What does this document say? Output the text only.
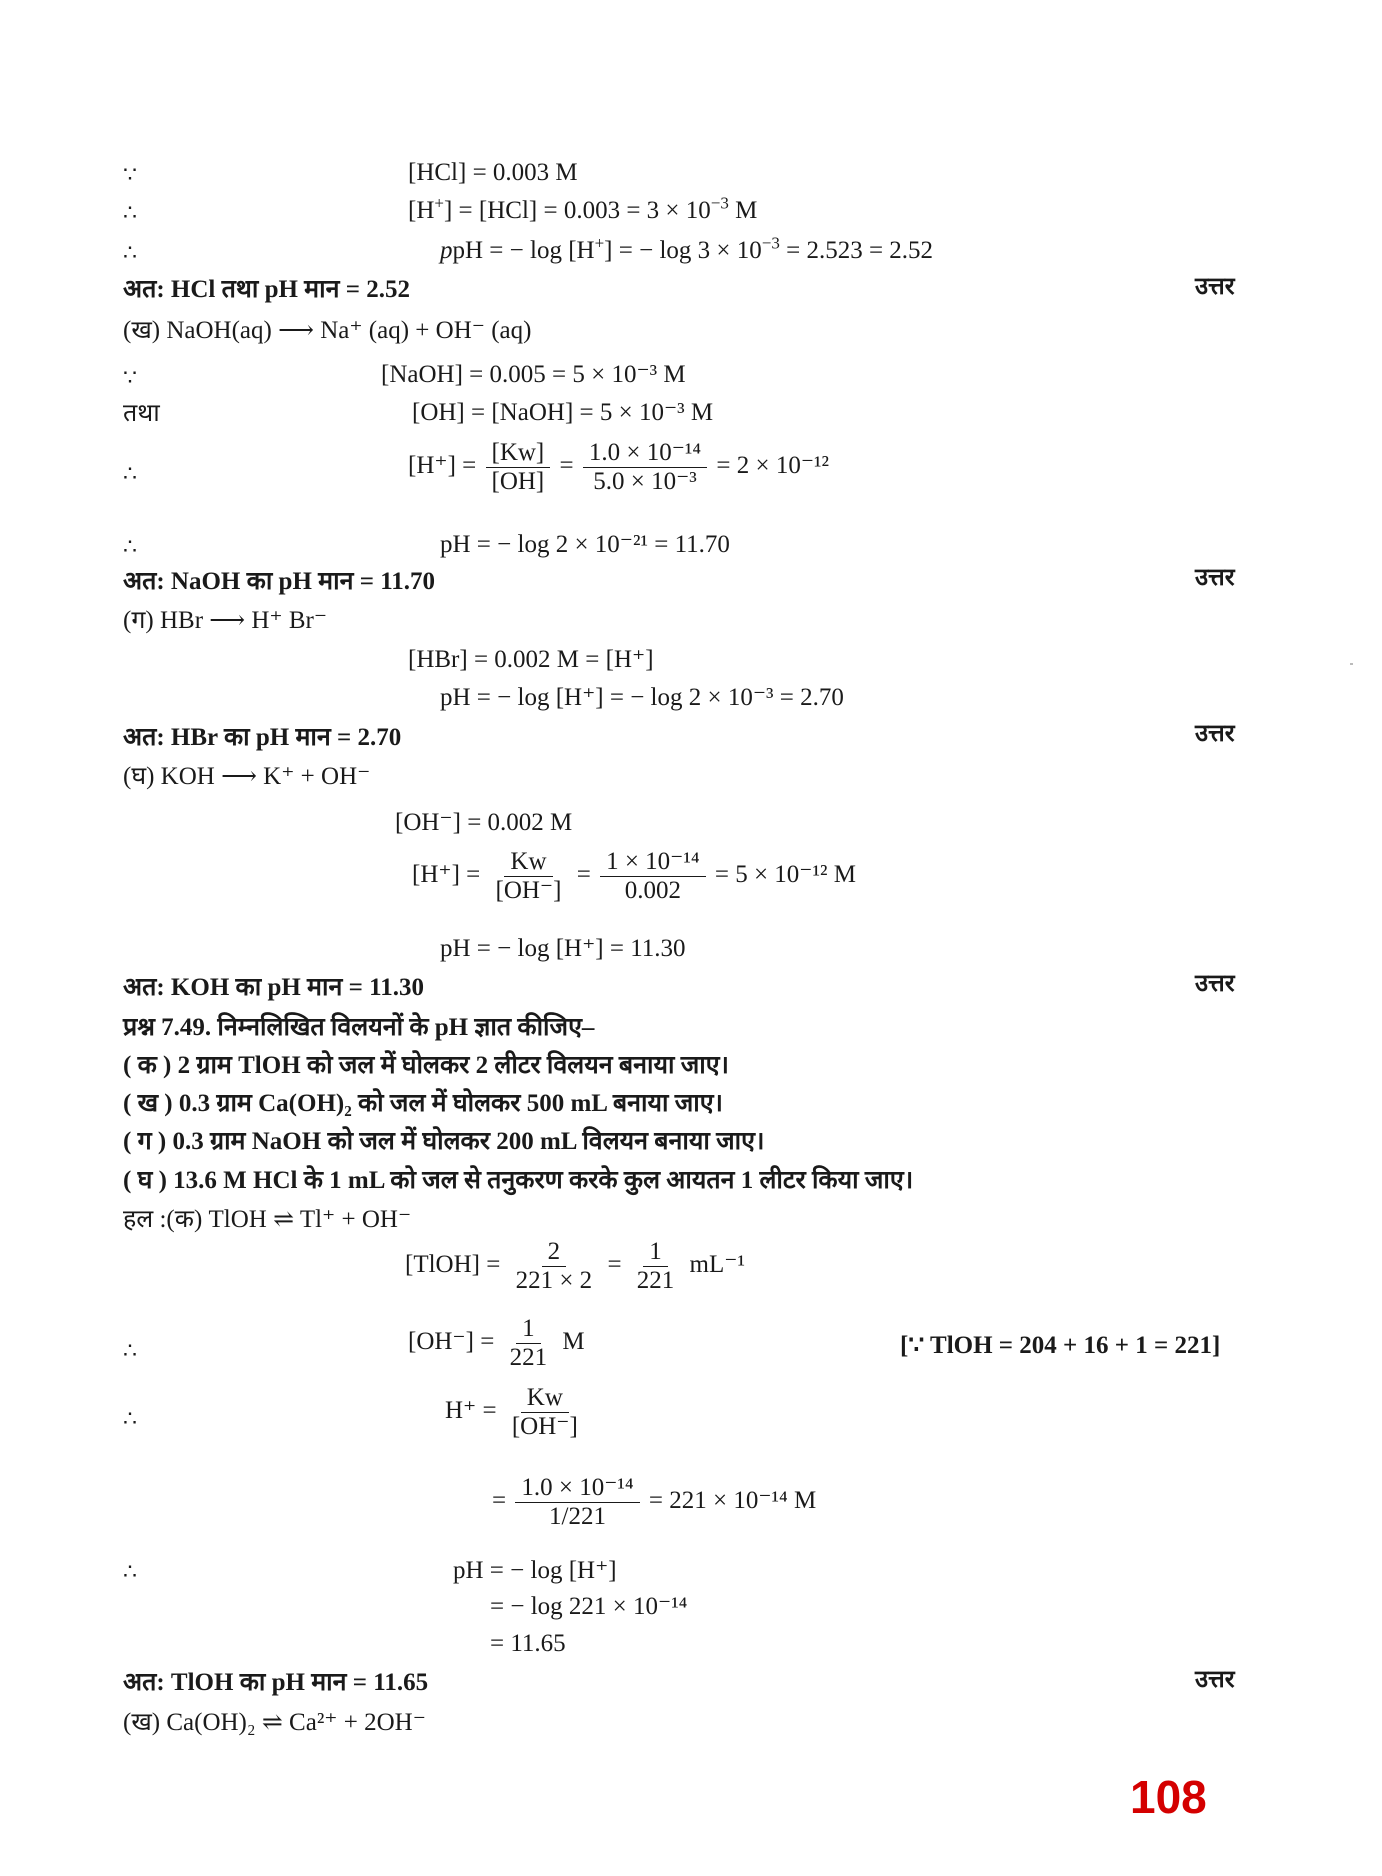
∵	[HCl] = 0.003 M
∴	$[H^+] = [HCl] = 0.003 = 3 \times 10^{-3}$ M
∴	ppH = − log [H+] = − $\log 3 \times 10^{-3} = 2.523 = 2.52$
अत: HCl तथा pH मान = 2.52	उत्तर
(ख) NaOH(aq) ⟶ Na⁺ (aq) + OH⁻ (aq)
∵	[NaOH] = 0.005 = 5 × 10⁻³ M
तथा	[OH] = [NaOH] = 5 × 10⁻³ M
∴	$[H^+] = \frac{[Kw]}{[OH]} = \frac{\text{1.0 × 10⁻¹⁴}}{\text{5.0 × 10⁻³}} = 2 \times 10^{-12}$
∴	pH = − log 2 × 10⁻²¹ = 11.70
अत: NaOH का pH मान = 11.70	उत्तर
(ग) HBr ⟶ H⁺ Br⁻
[HBr] = 0.002 M = [H⁺]
pH = − log [H⁺] = − log 2 × 10⁻³ = 2.70
अत: HBr का pH मान = 2.70	उत्तर
(घ) KOH ⟶ K⁺ + OH⁻
[OH⁻] = 0.002 M
$[H^+] = \frac{Kw}{[OH^-]} = \frac{\text{1 × 10⁻¹⁴}}{0.002} = 5 \times 10^{-12}$ M
pH = − log [H⁺] = 11.30
अत: KOH का pH मान = 11.30	उत्तर
प्रश्न 7.49. निम्नलिखित विलयनों के pH ज्ञात कीजिए–
( क ) 2 ग्राम TlOH को जल में घोलकर 2 लीटर विलयन बनाया जाए।
( ख ) 0.3 ग्राम Ca(OH)₂ को जल में घोलकर 500 mL बनाया जाए।
( ग ) 0.3 ग्राम NaOH को जल में घोलकर 200 mL विलयन बनाया जाए।
( घ ) 13.6 M HCl के 1 mL को जल से तनुकरण करके कुल आयतन 1 लीटर किया जाए।
हल :(क) TlOH ⇌ Tl⁺ + OH⁻
[TlOH] = $\frac{2}{221 \times 2} = \frac{1}{221} mL^{-1}$
∴	$[OH^-] = \frac{1}{221}$ M	[∵ TlOH = 204 + 16 + 1 = 221]
∴	$H^+ = \frac{Kw}{[OH^-]}$
= $\frac{\text{1.0 × 10⁻¹⁴}}{1/221} = 221 \times 10^{-14}$ M
∴	pH = − log [H⁺]
= − log 221 × 10⁻¹⁴
= 11.65
अत: TlOH का pH मान = 11.65	उत्तर
(ख) Ca(OH)₂ ⇌ Ca²⁺ + 2OH⁻
108
